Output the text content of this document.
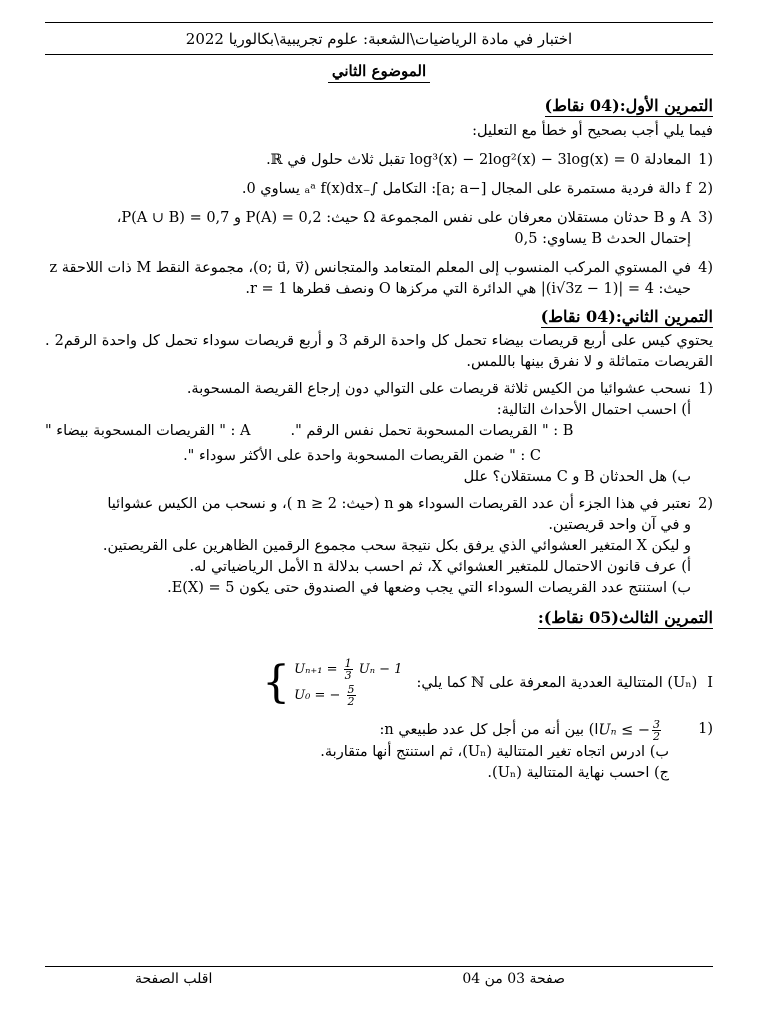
اختبار في مادة الرياضيات\الشعبة: علوم تجريبية\بكالوريا 2022
الموضوع الثاني
التمرين الأول:(04 نقاط)
فيما يلي أجب بصحيح أو خطأ مع التعليل:
1)
المعادلة log³(x) − 2log²(x) − 3log(x) = 0 تقبل ثلاث حلول في ℝ.
2)
f دالة فردية مستمرة على المجال [−a; a]: التكامل ∫₋ₐᵃ f(x)dx يساوي 0.
3)
A و B حدثان مستقلان معرفان على نفس المجموعة Ω حيث: P(A) = 0,2 و P(A ∪ B) = 0,7،
إحتمال الحدث B يساوي: 0,5
4)
في المستوي المركب المنسوب إلى المعلم المتعامد والمتجانس (o; u⃗, v⃗)، مجموعة النقط M ذات اللاحقة z
حيث: 4 = |(1 − i√3z)| هي الدائرة التي مركزها O ونصف قطرها r = 1.
التمرين الثاني:(04 نقاط)
يحتوي كيس على أربع قريصات بيضاء تحمل كل واحدة الرقم 3 و أربع قريصات سوداء تحمل كل واحدة الرقم2 . القريصات متماثلة و لا نفرق بينها باللمس.
1)
نسحب عشوائيا من الكيس ثلاثة قريصات على التوالي دون إرجاع القريصة المسحوبة.
أ) احسب احتمال الأحداث التالية:
A : " القريصات المسحوبة بيضاء "	B : " القريصات المسحوبة تحمل نفس الرقم ".
C : " ضمن القريصات المسحوبة واحدة على الأكثر سوداء ".
ب) هل الحدثان B و C مستقلان؟ علل
2)
نعتبر في هذا الجزء أن عدد القريصات السوداء هو n (حيث: n ≥ 2 )، و نسحب من الكيس عشوائيا
و في آن واحد قريصتين.
و ليكن X المتغير العشوائي الذي يرفق بكل نتيجة سحب مجموع الرقمين الظاهرين على القريصتين.
أ) عرف قانون الاحتمال للمتغير العشوائي X، ثم احسب بدلالة n الأمل الرياضياتي له.
ب) استنتج عدد القريصات السوداء التي يجب وضعها في الصندوق حتى يكون E(X) = 5.
التمرين الثالث(05 نقاط):
{ $U_{n+1} = \frac{1}{3}$ Uₙ − 1
U₀ = − $\frac{5}{2}$
(Uₙ) المتتالية العددية المعرفة على ℕ كما يلي: I
1)
ا) بين أنه من أجل كل عدد طبيعي n: Uₙ ≤ − $\frac{3}{2}$
ب) ادرس اتجاه تغير المتتالية (Uₙ)، ثم استنتج أنها متقاربة.
ج) احسب نهاية المتتالية (Uₙ).
صفحة 03 من 04
اقلب الصفحة
